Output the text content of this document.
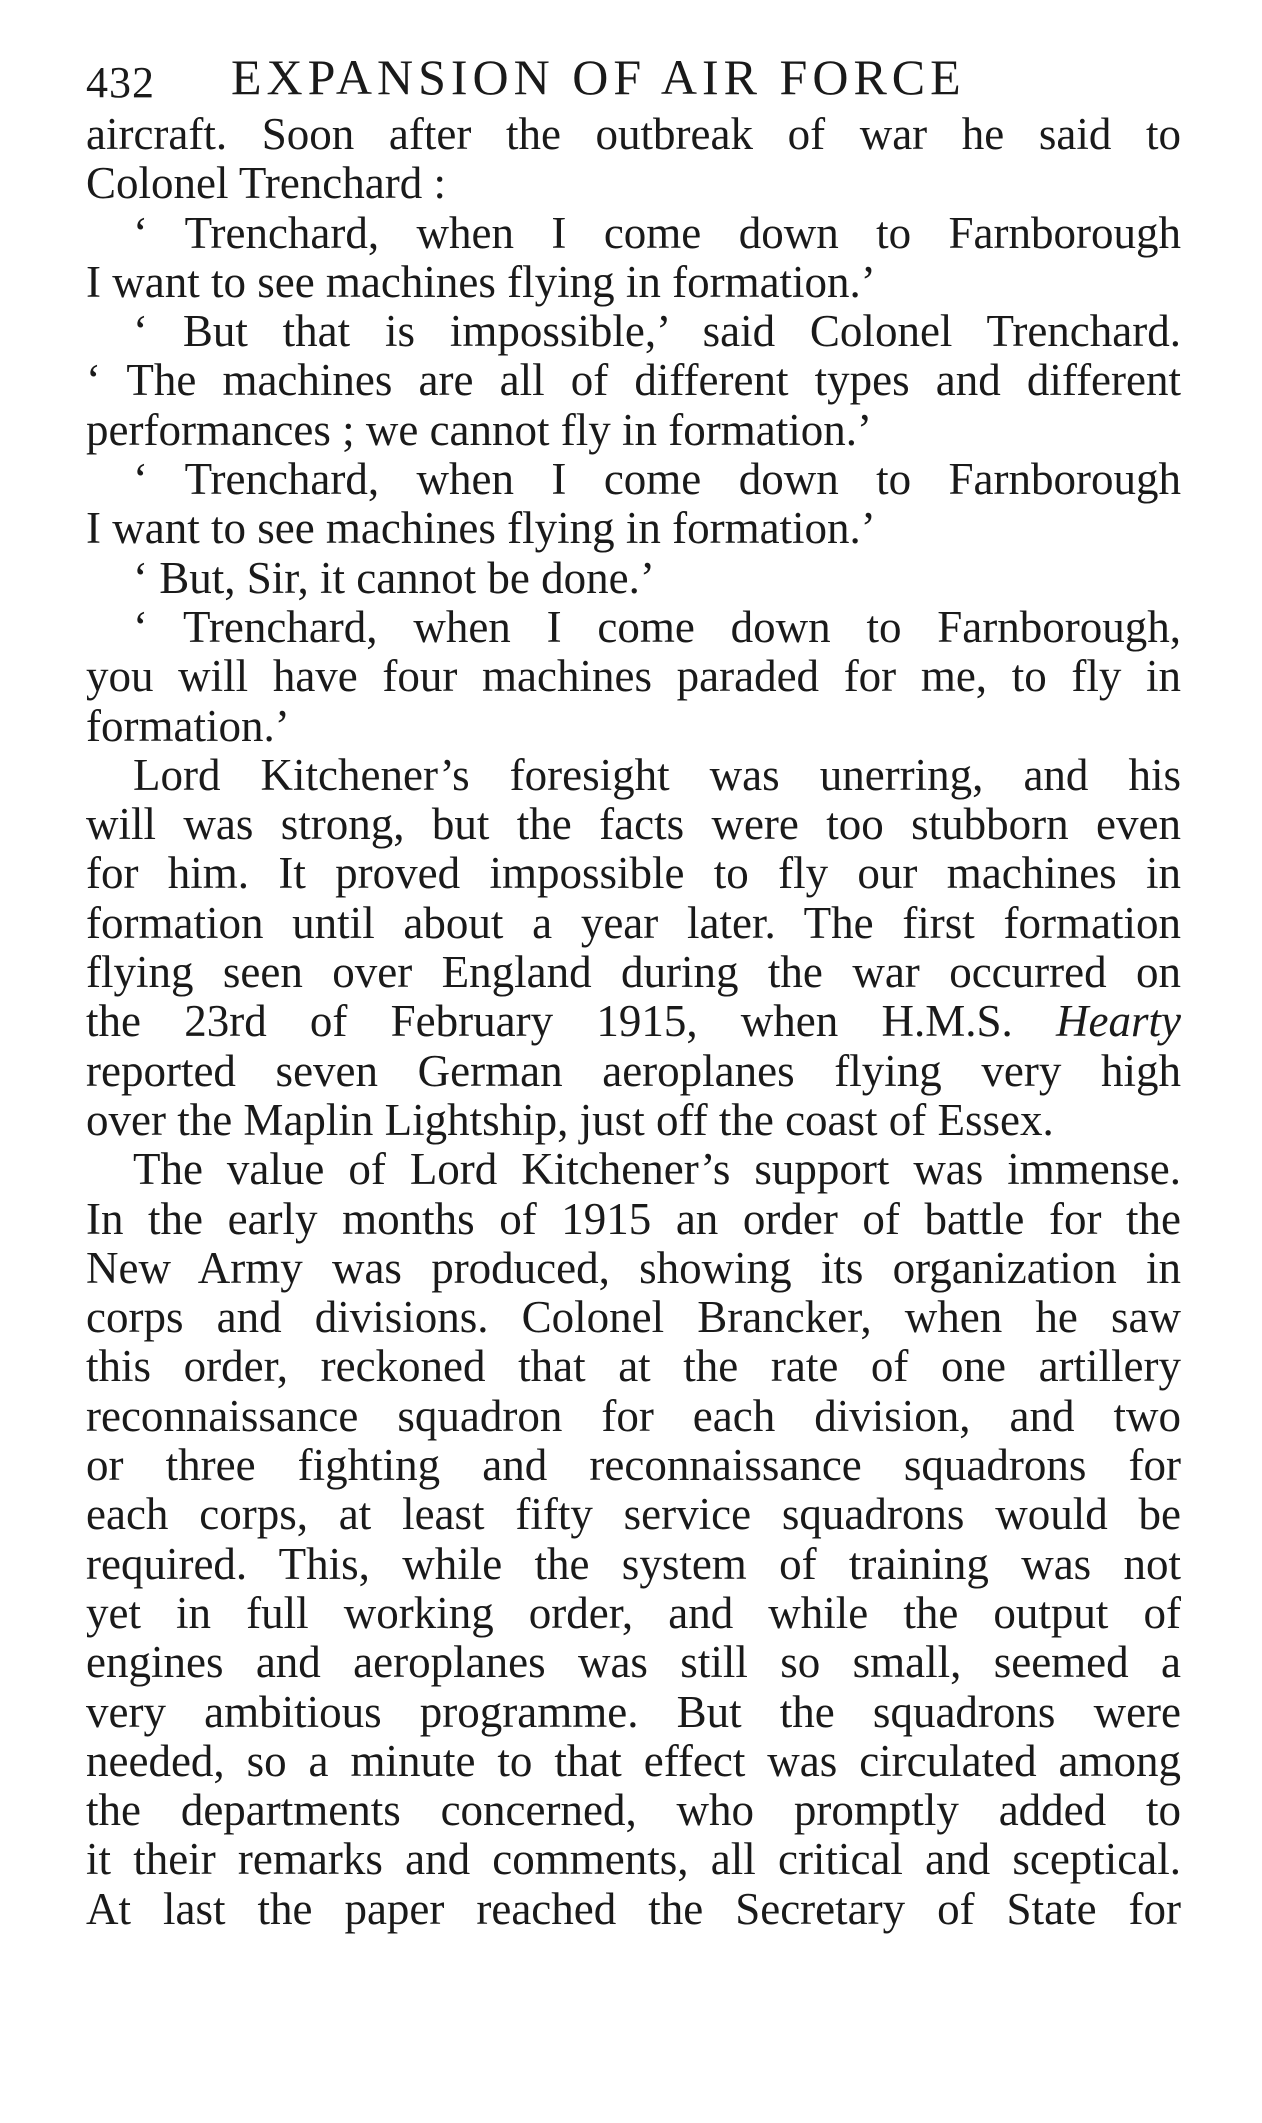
432 EXPANSION OF AIR FORCE
aircraft. Soon after the outbreak of war he said to
Colonel Trenchard :
‘ Trenchard, when I come down to Farnborough
I want to see machines flying in formation.’
‘ But that is impossible,’ said Colonel Trenchard.
‘ The machines are all of different types and different
performances ; we cannot fly in formation.’
‘ Trenchard, when I come down to Farnborough
I want to see machines flying in formation.’
‘ But, Sir, it cannot be done.’
‘ Trenchard, when I come down to Farnborough,
you will have four machines paraded for me, to fly in
formation.’
Lord Kitchener’s foresight was unerring, and his
will was strong, but the facts were too stubborn even
for him. It proved impossible to fly our machines in
formation until about a year later. The first formation
flying seen over England during the war occurred on
the 23rd of February 1915, when H.M.S. Hearty
reported seven German aeroplanes flying very high
over the Maplin Lightship, just off the coast of Essex.
The value of Lord Kitchener’s support was immense.
In the early months of 1915 an order of battle for the
New Army was produced, showing its organization in
corps and divisions. Colonel Brancker, when he saw
this order, reckoned that at the rate of one artillery
reconnaissance squadron for each division, and two
or three fighting and reconnaissance squadrons for
each corps, at least fifty service squadrons would be
required. This, while the system of training was not
yet in full working order, and while the output of
engines and aeroplanes was still so small, seemed a
very ambitious programme. But the squadrons were
needed, so a minute to that effect was circulated among
the departments concerned, who promptly added to
it their remarks and comments, all critical and sceptical.
At last the paper reached the Secretary of State for
